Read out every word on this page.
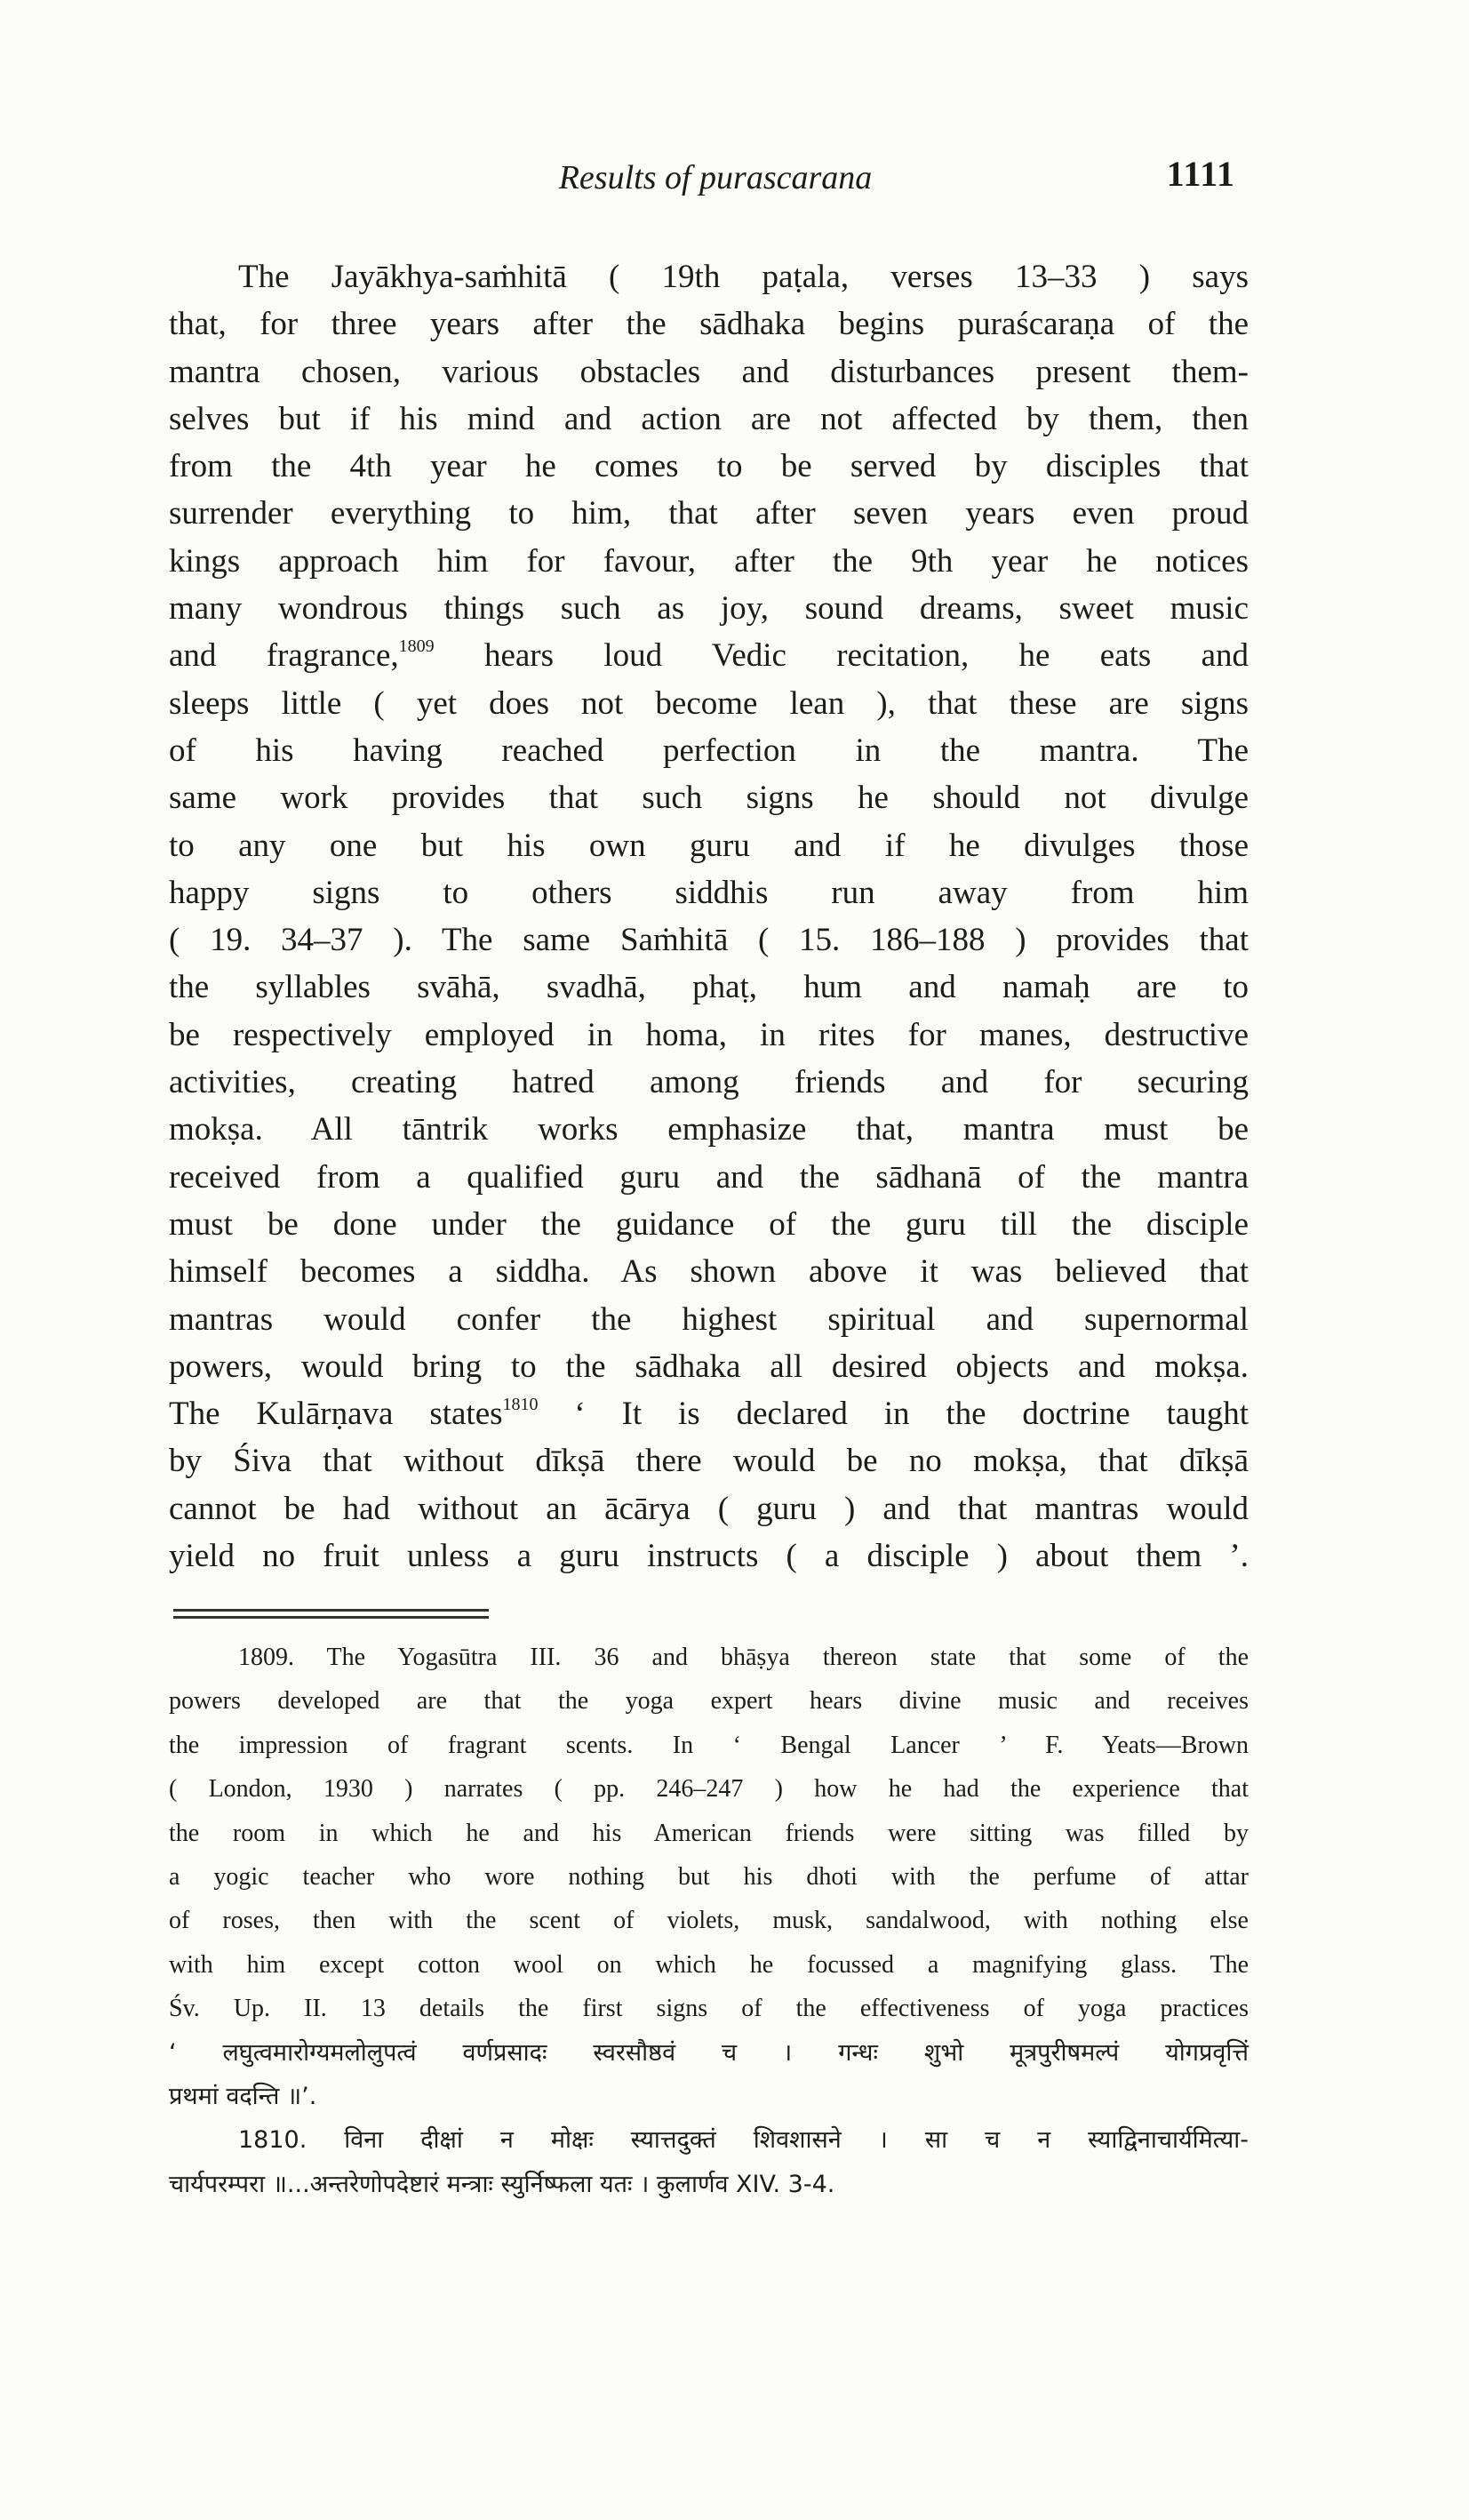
Results of purascarana	1111
The Jayākhya-saṁhitā ( 19th paṭala, verses 13–33 ) says
that, for three years after the sādhaka begins puraścaraṇa of the
mantra chosen, various obstacles and disturbances present them-
selves but if his mind and action are not affected by them, then
from the 4th year he comes to be served by disciples that
surrender everything to him, that after seven years even proud
kings approach him for favour, after the 9th year he notices
many wondrous things such as joy, sound dreams, sweet music
and fragrance,$^{1809}$ hears loud Vedic recitation, he eats and
sleeps little ( yet does not become lean ), that these are signs
of his having reached perfection in the mantra. The
same work provides that such signs he should not divulge
to any one but his own guru and if he divulges those
happy signs to others siddhis run away from him
( 19. 34–37 ). The same Saṁhitā ( 15. 186–188 ) provides that
the syllables svāhā, svadhā, phaṭ, hum and namaḥ are to
be respectively employed in homa, in rites for manes, destructive
activities, creating hatred among friends and for securing
mokṣa. All tāntrik works emphasize that, mantra must be
received from a qualified guru and the sādhanā of the mantra
must be done under the guidance of the guru till the disciple
himself becomes a siddha. As shown above it was believed that
mantras would confer the highest spiritual and supernormal
powers, would bring to the sādhaka all desired objects and mokṣa.
The Kulārṇava states$^{1810}$ ‘ It is declared in the doctrine taught
by Śiva that without dīkṣā there would be no mokṣa, that dīkṣā
cannot be had without an ācārya ( guru ) and that mantras would
yield no fruit unless a guru instructs ( a disciple ) about them ’.
1809. The Yogasūtra III. 36 and bhāṣya thereon state that some of the
powers developed are that the yoga expert hears divine music and receives
the impression of fragrant scents. In ‘ Bengal Lancer ’ F. Yeats—Brown
( London, 1930 ) narrates ( pp. 246–247 ) how he had the experience that
the room in which he and his American friends were sitting was filled by
a yogic teacher who wore nothing but his dhoti with the perfume of attar
of roses, then with the scent of violets, musk, sandalwood, with nothing else
with him except cotton wool on which he focussed a magnifying glass. The
Śv. Up. II. 13 details the first signs of the effectiveness of yoga practices
‘ लघुत्वमारोग्यमलोलुपत्वं वर्णप्रसादः स्वरसौष्ठवं च । गन्धः शुभो मूत्रपुरीषमल्पं योगप्रवृत्तिं
प्रथमां वदन्ति ॥’.
1810. विना दीक्षां न मोक्षः स्यात्तदुक्तं शिवशासने । सा च न स्याद्विनाचार्यमित्या-
चार्यपरम्परा ॥...अन्तरेणोपदेष्टारं मन्त्राः स्युर्निष्फला यतः । कुलार्णव XIV. 3-4.
